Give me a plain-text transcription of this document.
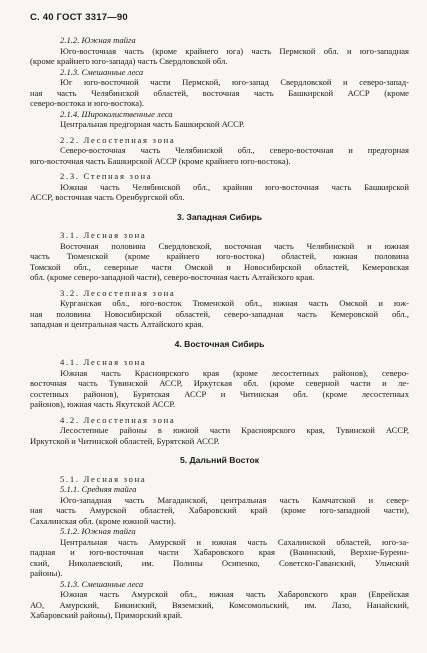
С. 40 ГОСТ 3317—90
2.1.2. Южная тайга
Юго-восточная часть (кроме крайнего юга) часть Пермской обл. и юго-западная
(кроме крайнего юго-запада) часть Свердловской обл.
2.1.3. Смешанные леса
Юг юго-восточной части Пермской, юго-запад Свердловской и северо-запад-
ная часть Челябинской областей, восточная часть Башкирской АССР (кроме
северо-востока и юго-востока).
2.1.4. Широколиственные леса
Центральная предгорная часть Башкирской АССР.
2.2. Лесостепная зона
Северо-восточная часть Челябинской обл., северо-восточная и предгорная
юго-восточная часть Башкирской АССР (кроме крайнего юго-востока).
2.3. Степная зона
Южная часть Челябинской обл., крайняя юго-восточная часть Башкирской
АССР, восточная часть Оренбургской обл.
3. Западная Сибирь
3.1. Лесная зона
Восточная половина Свердловской, восточная часть Челябинской и южная
часть Тюменской (кроме крайнего юго-востока) областей, южная половина
Томской обл., северные части Омской и Новосибирской областей, Кемеровская
обл. (кроме северо-западной части), северо-восточная часть Алтайского края.
3.2. Лесостепная зона
Курганская обл., юго-восток Тюменской обл., южная часть Омской и юж-
ная половина Новосибирской областей, северо-западная часть Кемеровской обл.,
западная и центральная часть Алтайского края.
4. Восточная Сибирь
4.1. Лесная зона
Южная часть Красноярского края (кроме лесостепных районов), северо-
восточная часть Тувинской АССР, Иркутская обл. (кроме северной части и ле-
состепных районов), Бурятская АССР и Читинская обл. (кроме лесостепных
районов), южная часть Якутской АССР.
4.2. Лесостепная зона
Лесостепные районы в южной части Красноярского края, Тувинской АССР,
Иркутской и Читинской областей, Бурятской АССР.
5. Дальний Восток
5.1. Лесная зона
5.1.1. Средняя тайга
Юго-западная часть Магаданской, центральная часть Камчатской и север-
ная часть Амурской областей, Хабаровский край (кроме юго-западной части),
Сахалинская обл. (кроме южной части).
5.1.2. Южная тайга
Центральная часть Амурской и южная часть Сахалинской областей, юго-за-
падная и юго-восточная части Хабаровского края (Ванинский, Верхне-Буреин-
ский, Николаевский, им. Полины Осипенко, Советско-Гаванский, Ульчский
районы).
5.1.3. Смешанные леса
Южная часть Амурской обл., южная часть Хабаровского края (Еврейская
АО, Амурский, Бикинский, Вяземский, Комсомольский, им. Лазо, Нанайский,
Хабаровский районы), Приморский край.
